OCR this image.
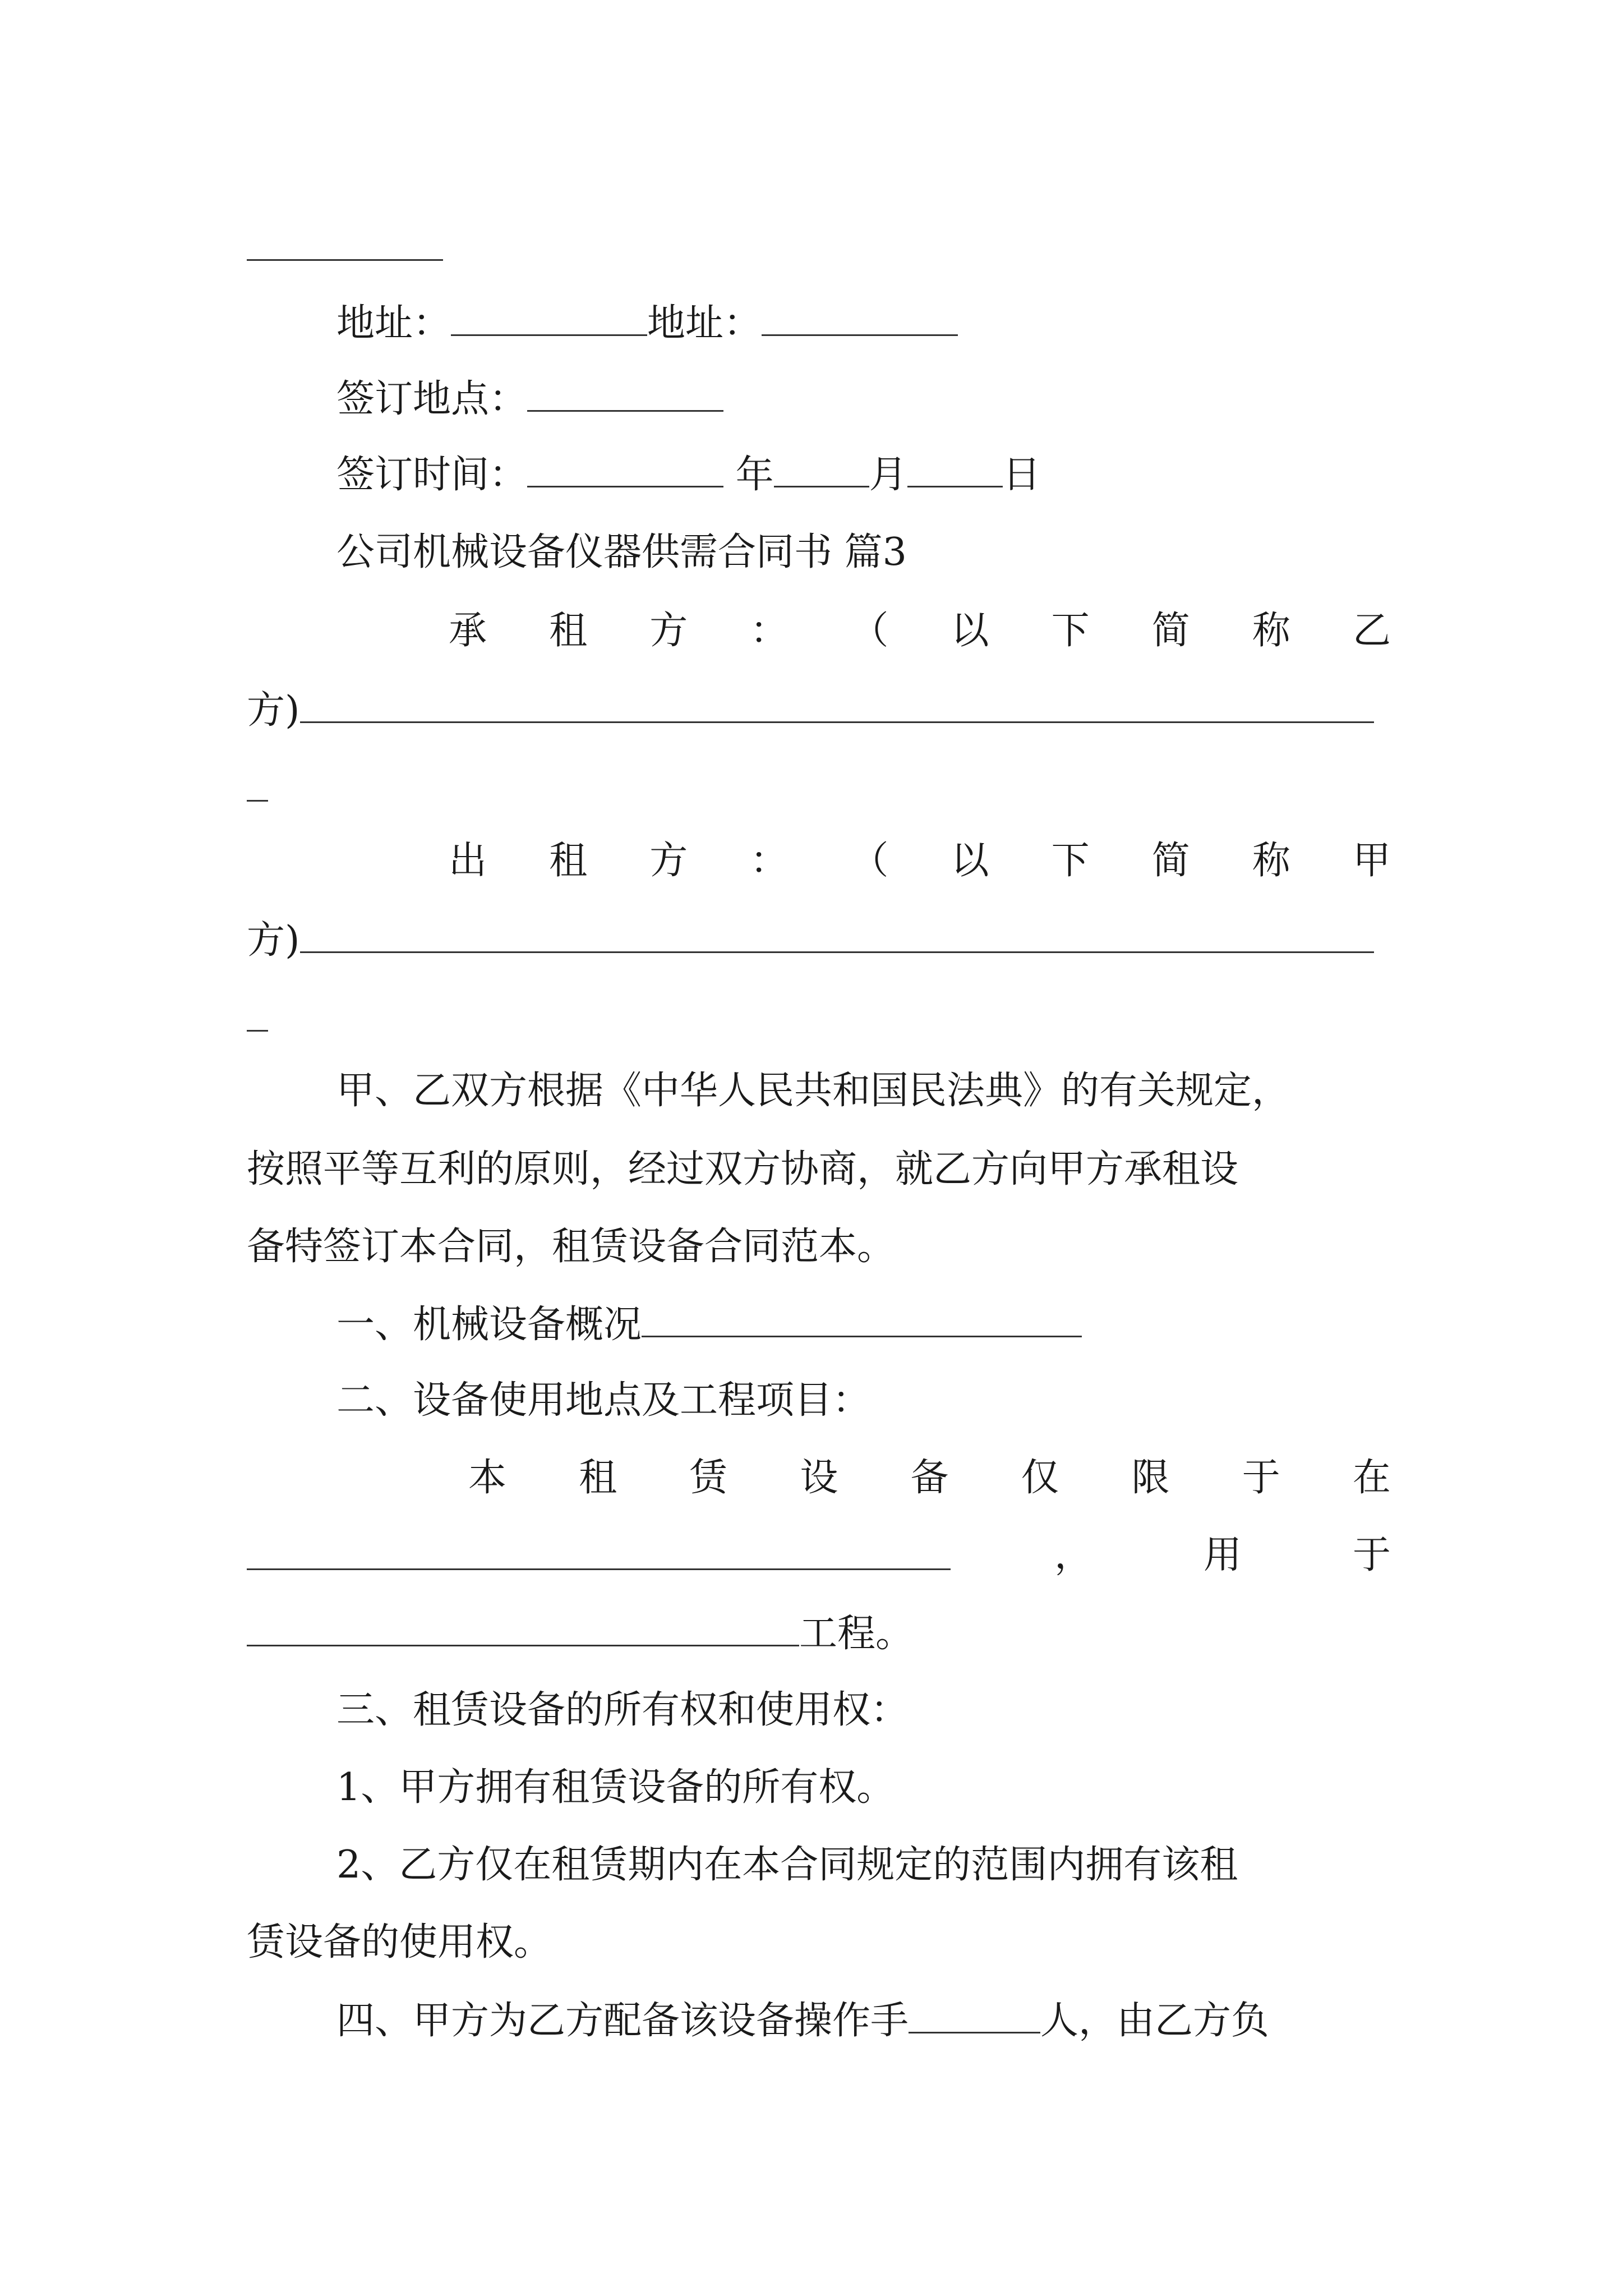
地址：	地址：
签订地点：
签订时间：	年	月	日
公司机械设备仪器供需合同书 篇3
承 租 方 ： （ 以 下 简 称 乙
方)
出 租 方 ： （ 以 下 简 称 甲
方)
甲、乙双方根据《中华人民共和国民法典》的有关规定，
按照平等互利的原则，经过双方协商，就乙方向甲方承租设
备特签订本合同，租赁设备合同范本。
一、机械设备概况
二、设备使用地点及工程项目：
本 租 赁 设 备 仅 限 于 在
，	用	于
工程。
三、租赁设备的所有权和使用权：
1、甲方拥有租赁设备的所有权。
2、乙方仅在租赁期内在本合同规定的范围内拥有该租
赁设备的使用权。
四、甲方为乙方配备该设备操作手	人，由乙方负
